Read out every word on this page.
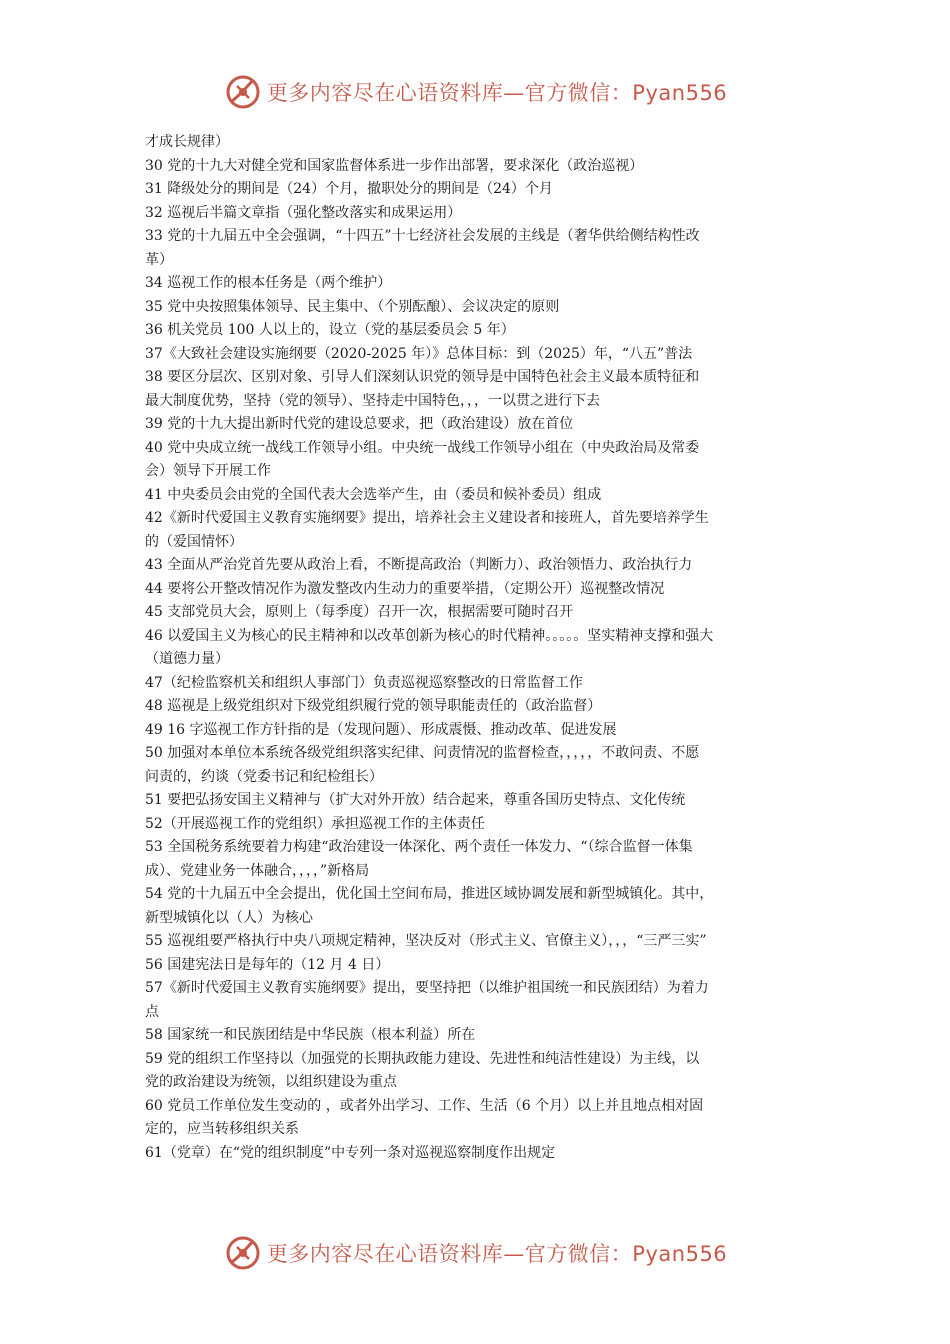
更多内容尽在心语资料库—官方微信：Pyan556
才成长规律）
30 党的十九大对健全党和国家监督体系进一步作出部署，要求深化（政治巡视）
31 降级处分的期间是（24）个月，撤职处分的期间是（24）个月
32 巡视后半篇文章指（强化整改落实和成果运用）
33 党的十九届五中全会强调，“十四五”十七经济社会发展的主线是（奢华供给侧结构性改
革）
34 巡视工作的根本任务是（两个维护）
35 党中央按照集体领导、民主集中、（个别酝酿）、会议决定的原则
36 机关党员 100 人以上的，设立（党的基层委员会 5 年）
37《大致社会建设实施纲要（2020-2025 年）》总体目标：到（2025）年，“八五”普法
38 要区分层次、区别对象、引导人们深刻认识党的领导是中国特色社会主义最本质特征和
最大制度优势，坚持（党的领导）、坚持走中国特色，，，一以贯之进行下去
39 党的十九大提出新时代党的建设总要求，把（政治建设）放在首位
40 党中央成立统一战线工作领导小组。中央统一战线工作领导小组在（中央政治局及常委
会）领导下开展工作
41 中央委员会由党的全国代表大会选举产生，由（委员和候补委员）组成
42《新时代爱国主义教育实施纲要》提出，培养社会主义建设者和接班人，首先要培养学生
的（爱国情怀）
43 全面从严治党首先要从政治上看，不断提高政治（判断力）、政治领悟力、政治执行力
44 要将公开整改情况作为激发整改内生动力的重要举措，（定期公开）巡视整改情况
45 支部党员大会，原则上（每季度）召开一次，根据需要可随时召开
46 以爱国主义为核心的民主精神和以改革创新为核心的时代精神。。。。。坚实精神支撑和强大
（道德力量）
47（纪检监察机关和组织人事部门）负责巡视巡察整改的日常监督工作
48 巡视是上级党组织对下级党组织履行党的领导职能责任的（政治监督）
49 16 字巡视工作方针指的是（发现问题）、形成震慑、推动改革、促进发展
50 加强对本单位本系统各级党组织落实纪律、问责情况的监督检查，，，，，不敢问责、不愿
问责的，约谈（党委书记和纪检组长）
51 要把弘扬安国主义精神与（扩大对外开放）结合起来，尊重各国历史特点、文化传统
52（开展巡视工作的党组织）承担巡视工作的主体责任
53 全国税务系统要着力构建“政治建设一体深化、两个责任一体发力、“（综合监督一体集
成）、党建业务一体融合，，，，”新格局
54 党的十九届五中全会提出，优化国土空间布局，推进区域协调发展和新型城镇化。其中，
新型城镇化以（人）为核心
55 巡视组要严格执行中央八项规定精神，坚决反对（形式主义、官僚主义），，，“三严三实”
56 国建宪法日是每年的（12 月 4 日）
57《新时代爱国主义教育实施纲要》提出，要坚持把（以维护祖国统一和民族团结）为着力
点
58 国家统一和民族团结是中华民族（根本利益）所在
59 党的组织工作坚持以（加强党的长期执政能力建设、先进性和纯洁性建设）为主线，以
党的政治建设为统领，以组织建设为重点
60 党员工作单位发生变动的 ，或者外出学习、工作、生活（6 个月）以上并且地点相对固
定的，应当转移组织关系
61（党章）在“党的组织制度”中专列一条对巡视巡察制度作出规定
更多内容尽在心语资料库—官方微信：Pyan556
